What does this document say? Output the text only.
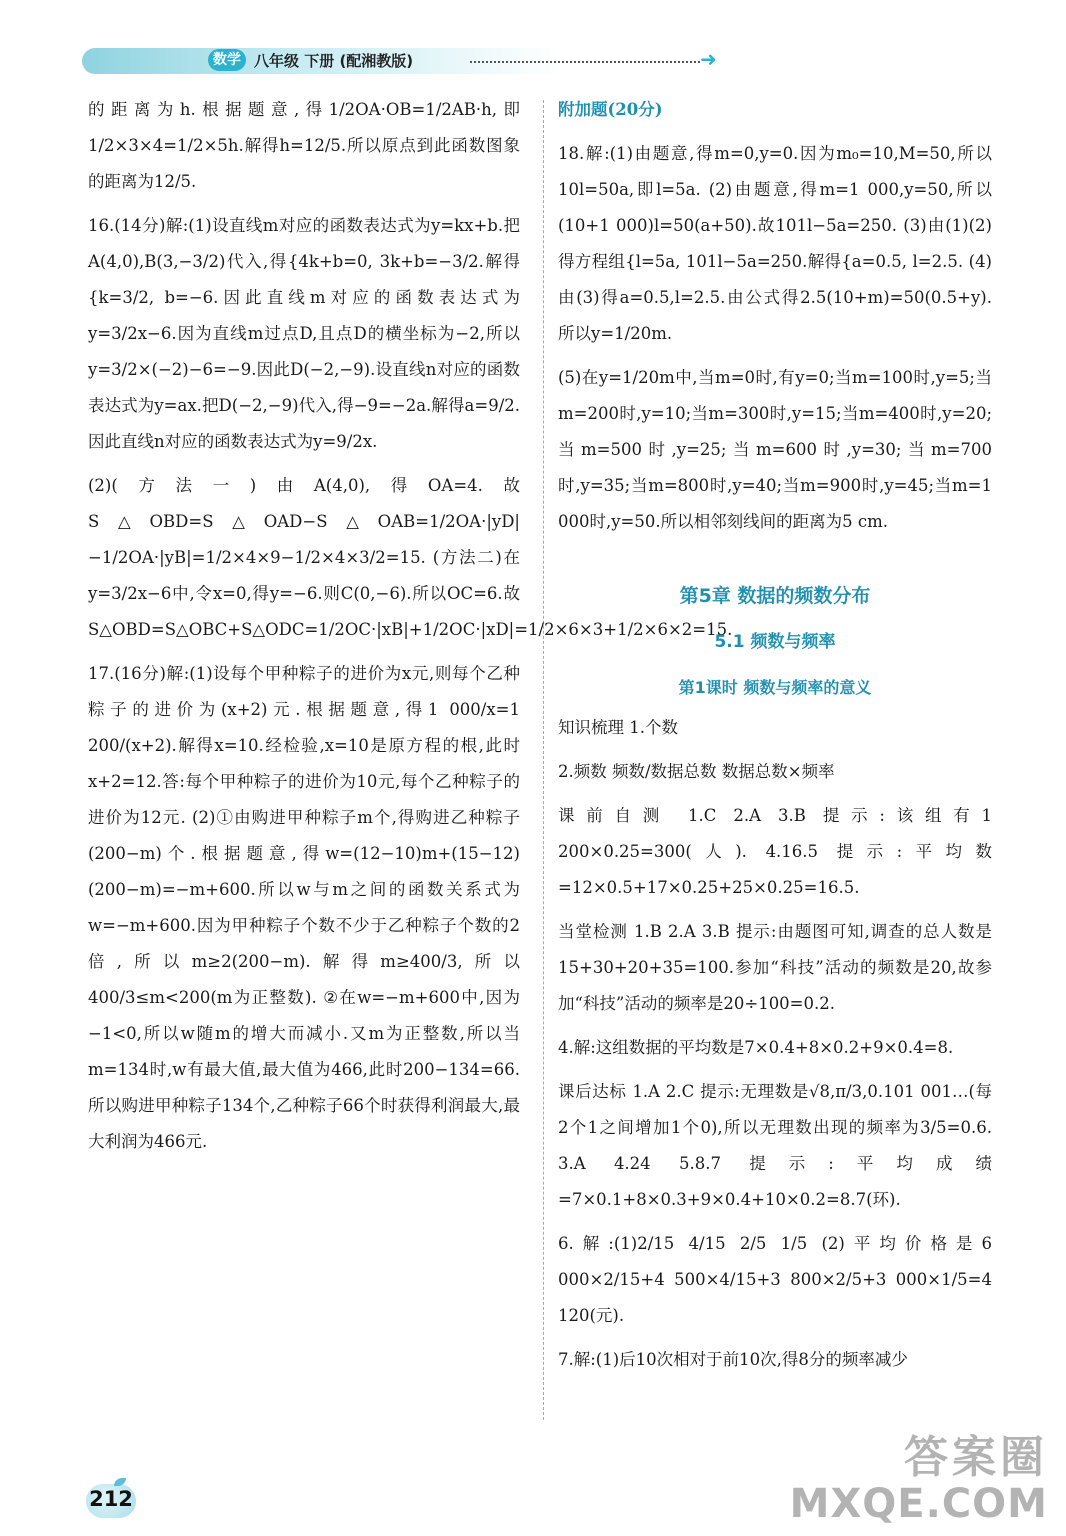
数学 八年级 下册 (配湘教版)	➜

的距离为h.根据题意,得1/2OA·OB=1/2AB·h,即1/2×3×4=1/2×5h.解得h=12/5.所以原点到此函数图象的距离为12/5.

16.(14分)解:(1)设直线m对应的函数表达式为y=kx+b.把A(4,0),B(3,−3/2)代入,得{4k+b=0, 3k+b=−3/2.解得{k=3/2, b=−6.因此直线m对应的函数表达式为y=3/2x−6.因为直线m过点D,且点D的横坐标为−2,所以y=3/2×(−2)−6=−9.因此D(−2,−9).设直线n对应的函数表达式为y=ax.把D(−2,−9)代入,得−9=−2a.解得a=9/2.因此直线n对应的函数表达式为y=9/2x.

(2)(方法一)由A(4,0),得OA=4.故S△OBD=S△OAD−S△OAB=1/2OA·|yD|−1/2OA·|yB|=1/2×4×9−1/2×4×3/2=15. (方法二)在y=3/2x−6中,令x=0,得y=−6.则C(0,−6).所以OC=6.故S△OBD=S△OBC+S△ODC=1/2OC·|xB|+1/2OC·|xD|=1/2×6×3+1/2×6×2=15.

17.(16分)解:(1)设每个甲种粽子的进价为x元,则每个乙种粽子的进价为(x+2)元.根据题意,得1 000/x=1 200/(x+2).解得x=10.经检验,x=10是原方程的根,此时x+2=12.答:每个甲种粽子的进价为10元,每个乙种粽子的进价为12元. (2)①由购进甲种粽子m个,得购进乙种粽子(200−m)个.根据题意,得w=(12−10)m+(15−12)(200−m)=−m+600.所以w与m之间的函数关系式为w=−m+600.因为甲种粽子个数不少于乙种粽子个数的2倍,所以m≥2(200−m).解得m≥400/3,所以400/3≤m<200(m为正整数). ②在w=−m+600中,因为−1<0,所以w随m的增大而减小.又m为正整数,所以当m=134时,w有最大值,最大值为466,此时200−134=66.所以购进甲种粽子134个,乙种粽子66个时获得利润最大,最大利润为466元.

附加题(20分)

18.解:(1)由题意,得m=0,y=0.因为m₀=10,M=50,所以10l=50a,即l=5a. (2)由题意,得m=1 000,y=50,所以(10+1 000)l=50(a+50).故101l−5a=250. (3)由(1)(2)得方程组{l=5a, 101l−5a=250.解得{a=0.5, l=2.5. (4)由(3)得a=0.5,l=2.5.由公式得2.5(10+m)=50(0.5+y).所以y=1/20m.

(5)在y=1/20m中,当m=0时,有y=0;当m=100时,y=5;当m=200时,y=10;当m=300时,y=15;当m=400时,y=20;当m=500时,y=25;当m=600时,y=30;当m=700时,y=35;当m=800时,y=40;当m=900时,y=45;当m=1 000时,y=50.所以相邻刻线间的距离为5 cm.

第5章 数据的频数分布
5.1 频数与频率
第1课时 频数与频率的意义

知识梳理 1.个数

2.频数 频数/数据总数 数据总数×频率

课前自测 1.C 2.A 3.B 提示:该组有1 200×0.25=300(人). 4.16.5 提示:平均数=12×0.5+17×0.25+25×0.25=16.5.

当堂检测 1.B 2.A 3.B 提示:由题图可知,调查的总人数是15+30+20+35=100.参加“科技”活动的频数是20,故参加“科技”活动的频率是20÷100=0.2.

4.解:这组数据的平均数是7×0.4+8×0.2+9×0.4=8.

课后达标 1.A 2.C 提示:无理数是√8,π/3,0.101 001…(每2个1之间增加1个0),所以无理数出现的频率为3/5=0.6. 3.A 4.24 5.8.7 提示:平均成绩=7×0.1+8×0.3+9×0.4+10×0.2=8.7(环).

6.解:(1)2/15 4/15 2/5 1/5 (2)平均价格是6 000×2/15+4 500×4/15+3 800×2/5+3 000×1/5=4 120(元).

7.解:(1)后10次相对于前10次,得8分的频率减少

212
答案圈
MXQE.COM
